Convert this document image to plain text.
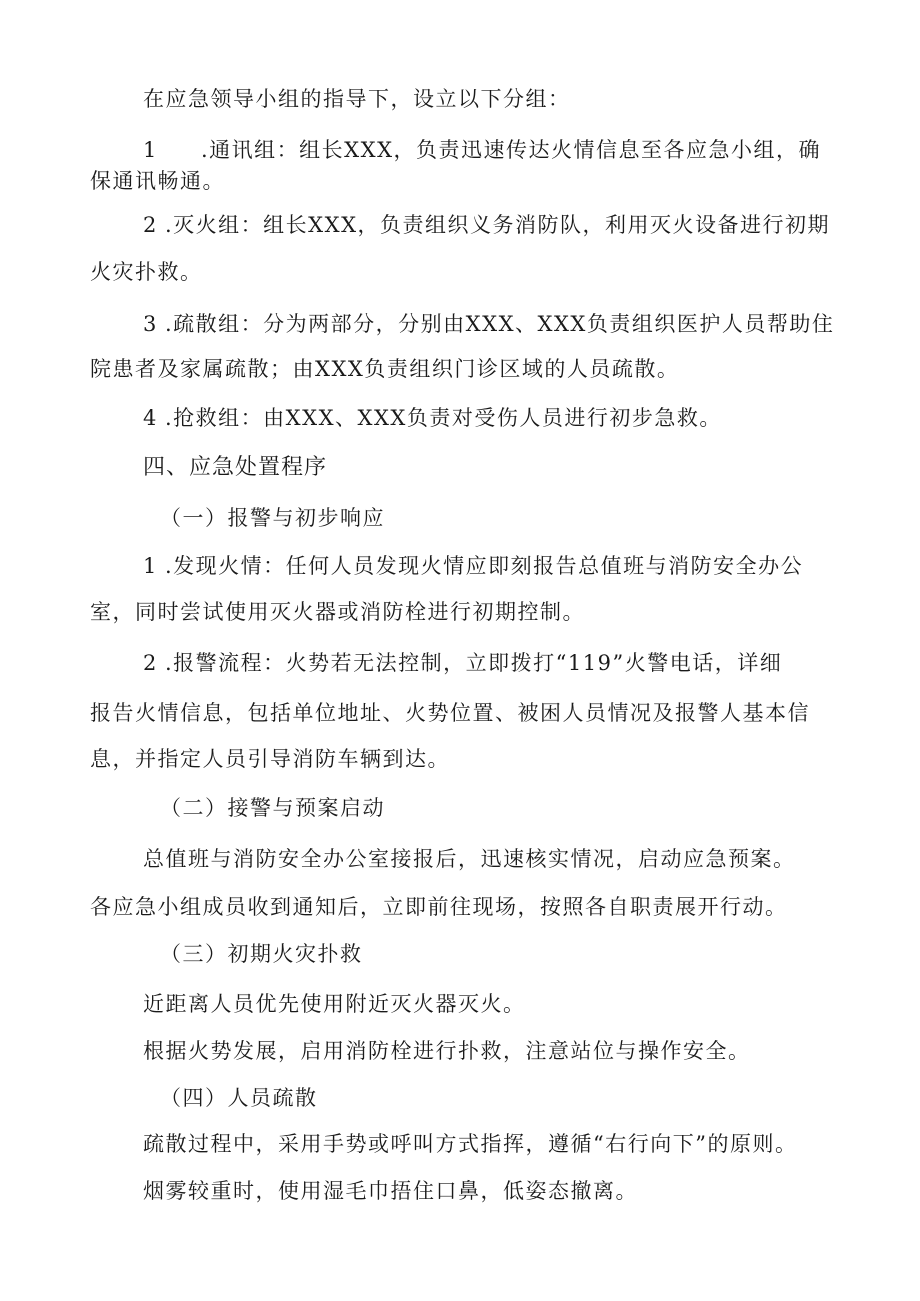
在应急领导小组的指导下，设立以下分组：
1 .通讯组：组长XXX，负责迅速传达火情信息至各应急小组，确
保通讯畅通。
2 .灭火组：组长XXX，负责组织义务消防队，利用灭火设备进行初期
火灾扑救。
3 .疏散组：分为两部分，分别由XXX、XXX负责组织医护人员帮助住
院患者及家属疏散；由XXX负责组织门诊区域的人员疏散。
4 .抢救组：由XXX、XXX负责对受伤人员进行初步急救。
四、应急处置程序
（一）报警与初步响应
1 .发现火情：任何人员发现火情应即刻报告总值班与消防安全办公
室，同时尝试使用灭火器或消防栓进行初期控制。
2 .报警流程：火势若无法控制，立即拨打“119”火警电话，详细
报告火情信息，包括单位地址、火势位置、被困人员情况及报警人基本信
息，并指定人员引导消防车辆到达。
（二）接警与预案启动
总值班与消防安全办公室接报后，迅速核实情况，启动应急预案。
各应急小组成员收到通知后，立即前往现场，按照各自职责展开行动。
（三）初期火灾扑救
近距离人员优先使用附近灭火器灭火。
根据火势发展，启用消防栓进行扑救，注意站位与操作安全。
（四）人员疏散
疏散过程中，采用手势或呼叫方式指挥，遵循“右行向下”的原则。
烟雾较重时，使用湿毛巾捂住口鼻，低姿态撤离。
